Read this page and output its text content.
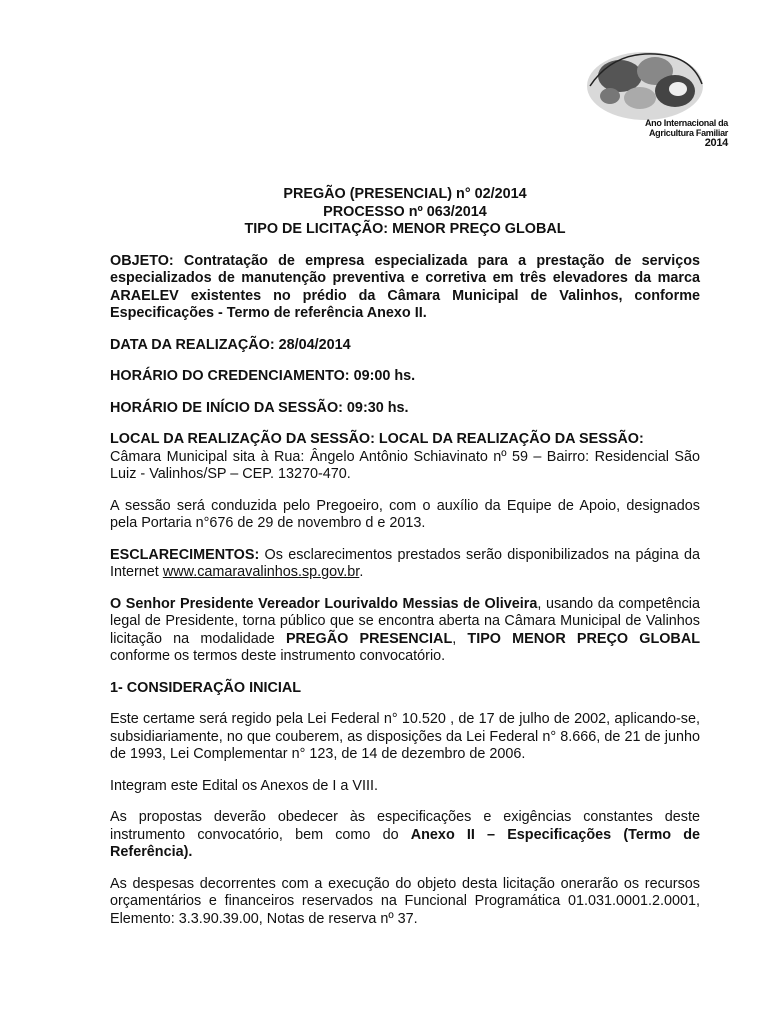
Ano Internacional da
Agricultura Familiar
2014
PREGÃO (PRESENCIAL) n° 02/2014
PROCESSO nº 063/2014
TIPO DE LICITAÇÃO: MENOR PREÇO GLOBAL

OBJETO: Contratação de empresa especializada para a prestação de serviços especializados de manutenção preventiva e corretiva em três elevadores da marca ARAELEV existentes no prédio da Câmara Municipal de Valinhos, conforme Especificações - Termo de referência Anexo II.

DATA DA REALIZAÇÃO: 28/04/2014

HORÁRIO DO CREDENCIAMENTO: 09:00 hs.

HORÁRIO DE INÍCIO DA SESSÃO: 09:30 hs.

LOCAL DA REALIZAÇÃO DA SESSÃO: LOCAL DA REALIZAÇÃO DA SESSÃO:

Câmara Municipal sita à Rua: Ângelo Antônio Schiavinato nº 59 – Bairro: Residencial São Luiz - Valinhos/SP – CEP. 13270-470.

A sessão será conduzida pelo Pregoeiro, com o auxílio da Equipe de Apoio, designados pela Portaria n°676 de 29 de novembro d e 2013.

ESCLARECIMENTOS: Os esclarecimentos prestados serão disponibilizados na página da Internet www.camaravalinhos.sp.gov.br.

O Senhor Presidente Vereador Lourivaldo Messias de Oliveira, usando da competência legal de Presidente, torna público que se encontra aberta na Câmara Municipal de Valinhos licitação na modalidade PREGÃO PRESENCIAL, TIPO MENOR PREÇO GLOBAL conforme os termos deste instrumento convocatório.

1- CONSIDERAÇÃO INICIAL

Este certame será regido pela Lei Federal n° 10.520 , de 17 de julho de 2002, aplicando-se, subsidiariamente, no que couberem, as disposições da Lei Federal n° 8.666, de 21 de junho de 1993, Lei Complementar n° 123, de 14 de dezembro de 2006.

Integram este Edital os Anexos de I a VIII.

As propostas deverão obedecer às especificações e exigências constantes deste instrumento convocatório, bem como do Anexo II – Especificações (Termo de Referência).

As despesas decorrentes com a execução do objeto desta licitação onerarão os recursos orçamentários e financeiros reservados na Funcional Programática 01.031.0001.2.0001, Elemento: 3.3.90.39.00, Notas de reserva nº 37.
